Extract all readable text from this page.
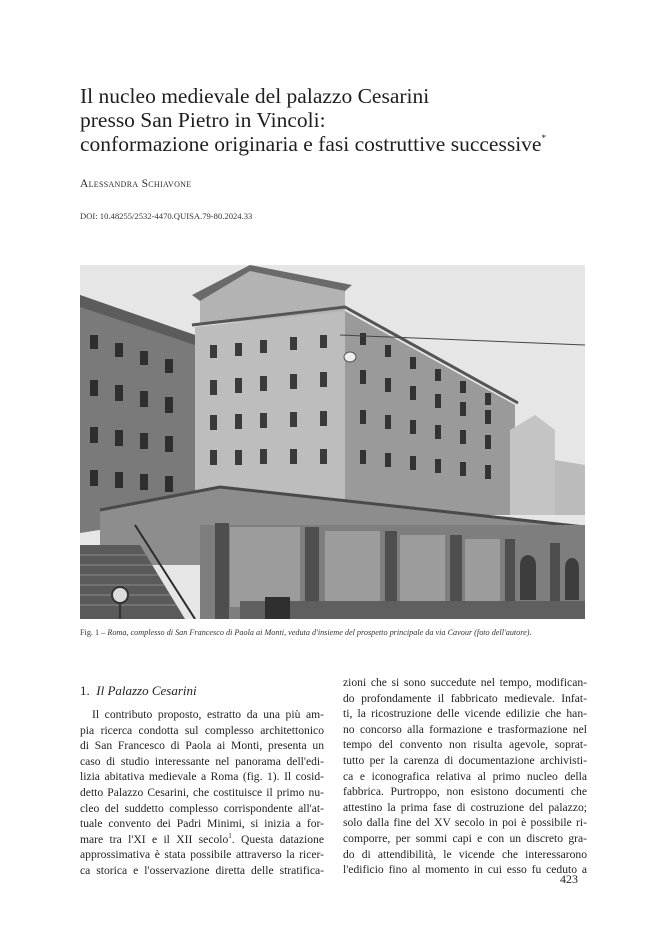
Il nucleo medievale del palazzo Cesarini
presso San Pietro in Vincoli:
conformazione originaria e fasi costruttive successive*
Alessandra Schiavone
DOI: 10.48255/2532-4470.QUISA.79-80.2024.33
Fig. 1 – Roma, complesso di San Francesco di Paola ai Monti, veduta d'insieme del prospetto principale da via Cavour (foto dell'autore).
1. Il Palazzo Cesarini
Il contributo proposto, estratto da una più am-
pia ricerca condotta sul complesso architettonico
di San Francesco di Paola ai Monti, presenta un
caso di studio interessante nel panorama dell'edi-
lizia abitativa medievale a Roma (fig. 1). Il cosid-
detto Palazzo Cesarini, che costituisce il primo nu-
cleo del suddetto complesso corrispondente all'at-
tuale convento dei Padri Minimi, si inizia a for-
mare tra l'XI e il XII secolo$^1$. Questa datazione
approssimativa è stata possibile attraverso la ricer-
ca storica e l'osservazione diretta delle stratifica-
zioni che si sono succedute nel tempo, modifican-
do profondamente il fabbricato medievale. Infat-
ti, la ricostruzione delle vicende edilizie che han-
no concorso alla formazione e trasformazione nel
tempo del convento non risulta agevole, soprat-
tutto per la carenza di documentazione archivisti-
ca e iconografica relativa al primo nucleo della
fabbrica. Purtroppo, non esistono documenti che
attestino la prima fase di costruzione del palazzo;
solo dalla fine del XV secolo in poi è possibile ri-
comporre, per sommi capi e con un discreto gra-
do di attendibilità, le vicende che interessarono
l'edificio fino al momento in cui esso fu ceduto a
423
